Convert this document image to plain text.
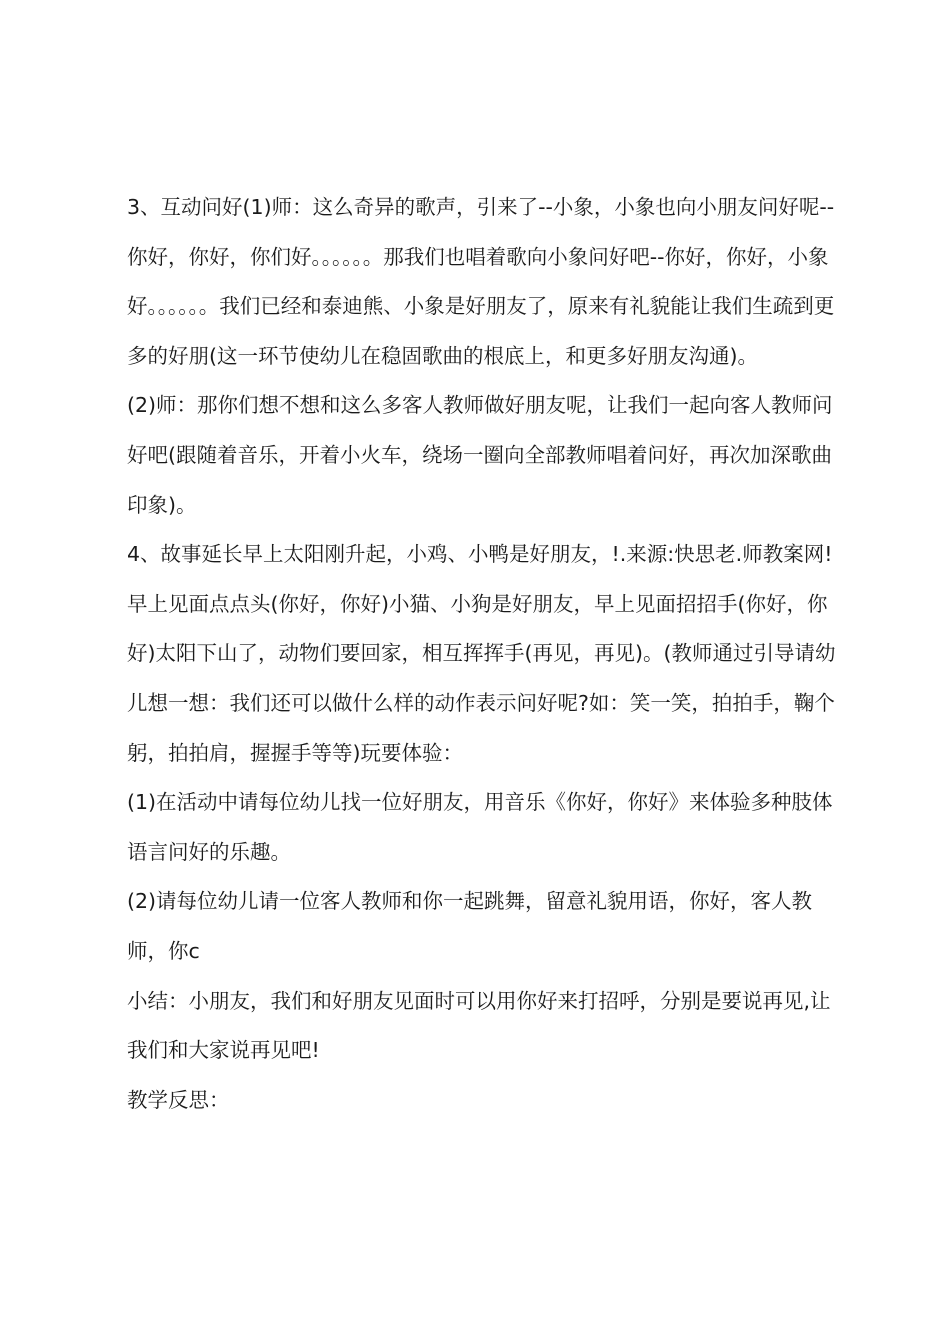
3、互动问好(1)师：这么奇异的歌声，引来了--小象，小象也向小朋友问好呢--你好，你好，你们好。。。。。。那我们也唱着歌向小象问好吧--你好，你好，小象好。。。。。。我们已经和泰迪熊、小象是好朋友了，原来有礼貌能让我们生疏到更多的好朋(这一环节使幼儿在稳固歌曲的根底上，和更多好朋友沟通)。

(2)师：那你们想不想和这么多客人教师做好朋友呢，让我们一起向客人教师问好吧(跟随着音乐，开着小火车，绕场一圈向全部教师唱着问好，再次加深歌曲印象)。

4、故事延长早上太阳刚升起，小鸡、小鸭是好朋友，!.来源:快思老.师教案网!早上见面点点头(你好，你好)小猫、小狗是好朋友，早上见面招招手(你好，你好)太阳下山了，动物们要回家，相互挥挥手(再见，再见)。(教师通过引导请幼儿想一想：我们还可以做什么样的动作表示问好呢?如：笑一笑，拍拍手，鞠个躬，拍拍肩，握握手等等)玩要体验：

(1)在活动中请每位幼儿找一位好朋友，用音乐《你好，你好》来体验多种肢体语言问好的乐趣。

(2)请每位幼儿请一位客人教师和你一起跳舞，留意礼貌用语，你好，客人教师，你c

小结：小朋友，我们和好朋友见面时可以用你好来打招呼，分别是要说再见,让我们和大家说再见吧!

教学反思：
